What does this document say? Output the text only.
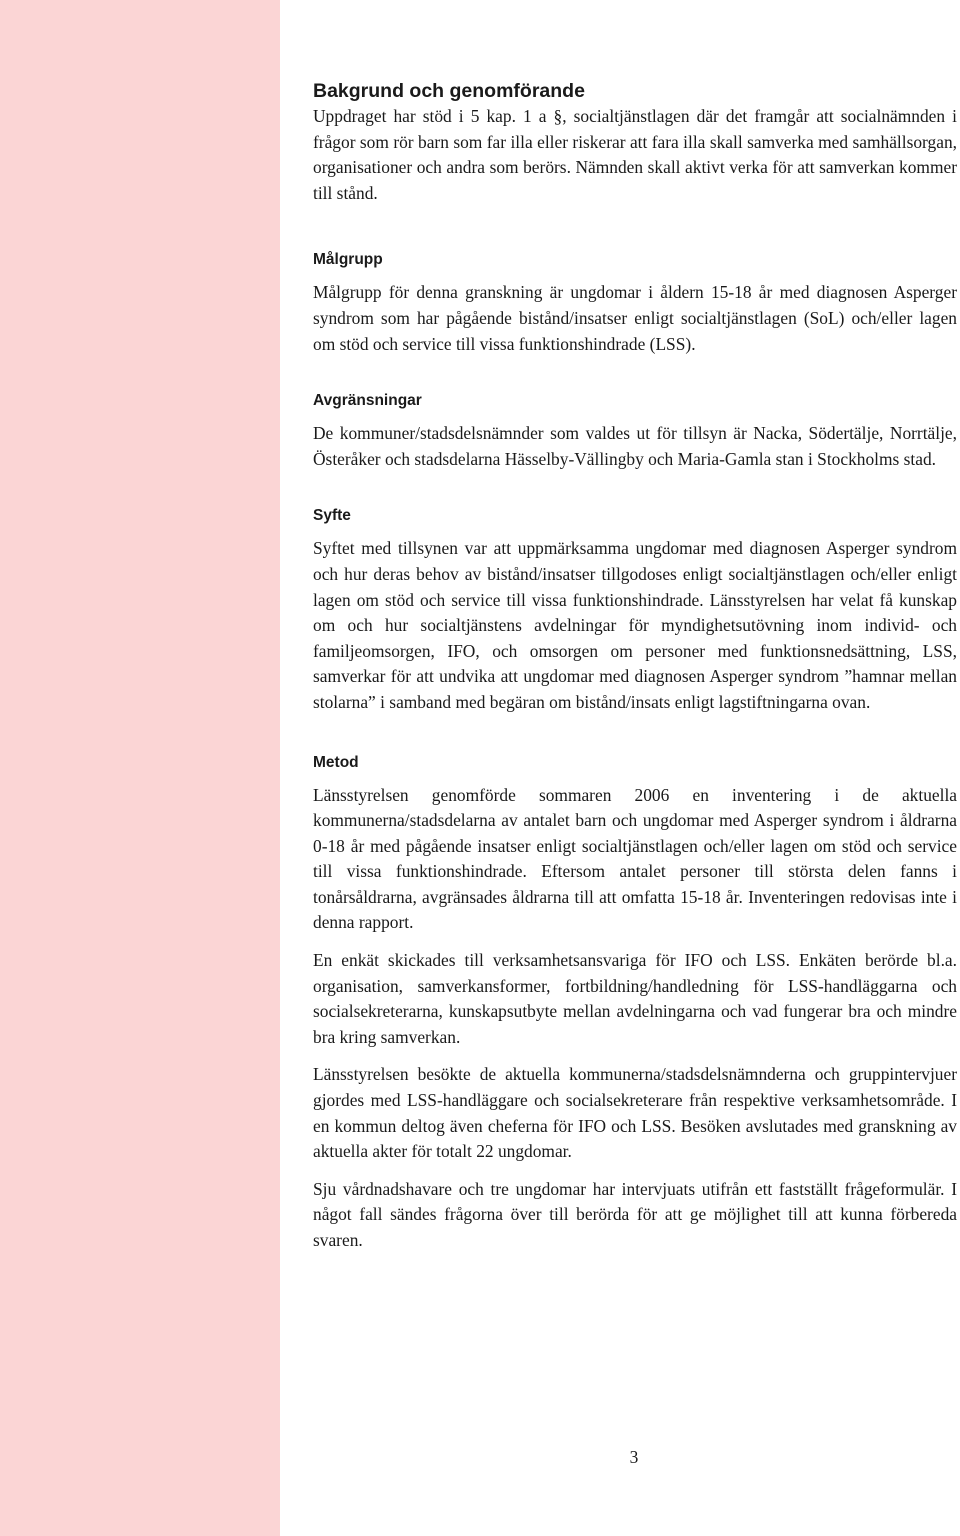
Bakgrund och genomförande

Uppdraget har stöd i 5 kap. 1 a §, socialtjänstlagen där det framgår att socialnämnden i frågor som rör barn som far illa eller riskerar att fara illa skall samverka med samhällsorgan, organisationer och andra som berörs. Nämnden skall aktivt verka för att samverkan kommer till stånd.

Målgrupp

Målgrupp för denna granskning är ungdomar i åldern 15-18 år med diagnosen Asperger syndrom som har pågående bistånd/insatser enligt socialtjänstlagen (SoL) och/eller lagen om stöd och service till vissa funktionshindrade (LSS).

Avgränsningar

De kommuner/stadsdelsnämnder som valdes ut för tillsyn är Nacka, Södertälje, Norrtälje, Österåker och stadsdelarna Hässelby-Vällingby och Maria-Gamla stan i Stockholms stad.

Syfte

Syftet med tillsynen var att uppmärksamma ungdomar med diagnosen Asperger syndrom och hur deras behov av bistånd/insatser tillgodoses enligt socialtjänstlagen och/eller enligt lagen om stöd och service till vissa funktionshindrade. Länsstyrelsen har velat få kunskap om och hur socialtjänstens avdelningar för myndighetsutövning inom individ- och familjeomsorgen, IFO, och omsorgen om personer med funktionsnedsättning, LSS, samverkar för att undvika att ungdomar med diagnosen Asperger syndrom ”hamnar mellan stolarna” i samband med begäran om bistånd/insats enligt lagstiftningarna ovan.

Metod

Länsstyrelsen genomförde sommaren 2006 en inventering i de aktuella kommunerna/stadsdelarna av antalet barn och ungdomar med Asperger syndrom i åldrarna 0-18 år med pågående insatser enligt socialtjänstlagen och/eller lagen om stöd och service till vissa funktionshindrade. Eftersom antalet personer till största delen fanns i tonårsåldrarna, avgränsades åldrarna till att omfatta 15-18 år. Inventeringen redovisas inte i denna rapport.

En enkät skickades till verksamhetsansvariga för IFO och LSS. Enkäten berörde bl.a. organisation, samverkansformer, fortbildning/handledning för LSS-handläggarna och socialsekreterarna, kunskapsutbyte mellan avdelningarna och vad fungerar bra och mindre bra kring samverkan.

Länsstyrelsen besökte de aktuella kommunerna/stadsdelsnämnderna och gruppintervjuer gjordes med LSS-handläggare och socialsekreterare från respektive verksamhetsområde. I en kommun deltog även cheferna för IFO och LSS. Besöken avslutades med granskning av aktuella akter för totalt 22 ungdomar.

Sju vårdnadshavare och tre ungdomar har intervjuats utifrån ett fastställt frågeformulär. I något fall sändes frågorna över till berörda för att ge möjlighet till att kunna förbereda svaren.

3
